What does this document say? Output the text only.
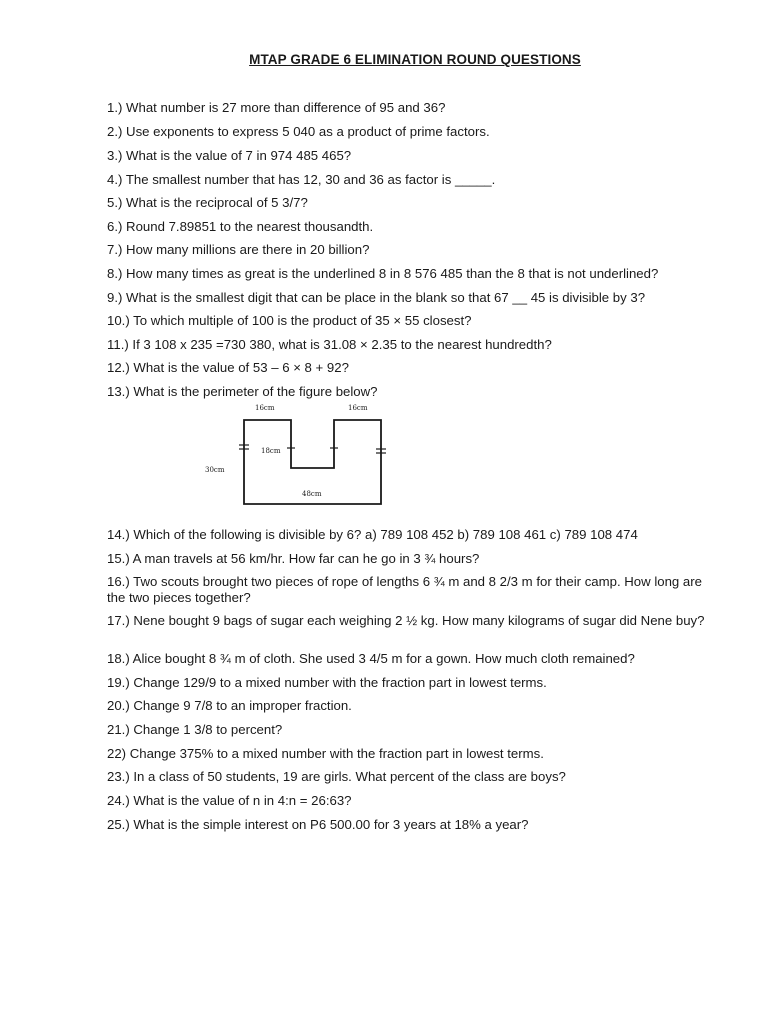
MTAP GRADE 6 ELIMINATION ROUND QUESTIONS
1.) What number is 27 more than difference of 95 and 36?
2.) Use exponents to express 5 040 as a product of prime factors.
3.) What is the value of 7 in 974 485 465?
4.) The smallest number that has 12, 30 and 36 as factor is _____.
5.) What is the reciprocal of 5 3/7?
6.) Round 7.89851 to the nearest thousandth.
7.) How many millions are there in 20 billion?
8.) How many times as great is the underlined 8 in 8 576 485 than the 8 that is not underlined?
9.) What is the smallest digit that can be place in the blank so that 67 __ 45 is divisible by 3?
10.) To which multiple of 100 is the product of 35 × 55 closest?
11.) If 3 108 x 235 =730 380, what is 31.08 × 2.35 to the nearest hundredth?
12.) What is the value of 53 – 6 × 8 + 92?
13.) What is the perimeter of the figure below?
16cm	16cm
30cm
18cm
48cm
14.) Which of the following is divisible by 6? a) 789 108 452 b) 789 108 461 c) 789 108 474
15.) A man travels at 56 km/hr. How far can he go in 3 ¾ hours?
16.) Two scouts brought two pieces of rope of lengths 6 ¾ m and 8 2/3 m for their camp. How long are the two pieces together?
17.) Nene bought 9 bags of sugar each weighing 2 ½ kg. How many kilograms of sugar did Nene buy?
18.) Alice bought 8 ¾ m of cloth. She used 3 4/5 m for a gown. How much cloth remained?
19.) Change 129/9 to a mixed number with the fraction part in lowest terms.
20.) Change 9 7/8 to an improper fraction.
21.) Change 1 3/8 to percent?
22) Change 375% to a mixed number with the fraction part in lowest terms.
23.) In a class of 50 students, 19 are girls. What percent of the class are boys?
24.) What is the value of n in 4:n = 26:63?
25.) What is the simple interest on P6 500.00 for 3 years at 18% a year?
